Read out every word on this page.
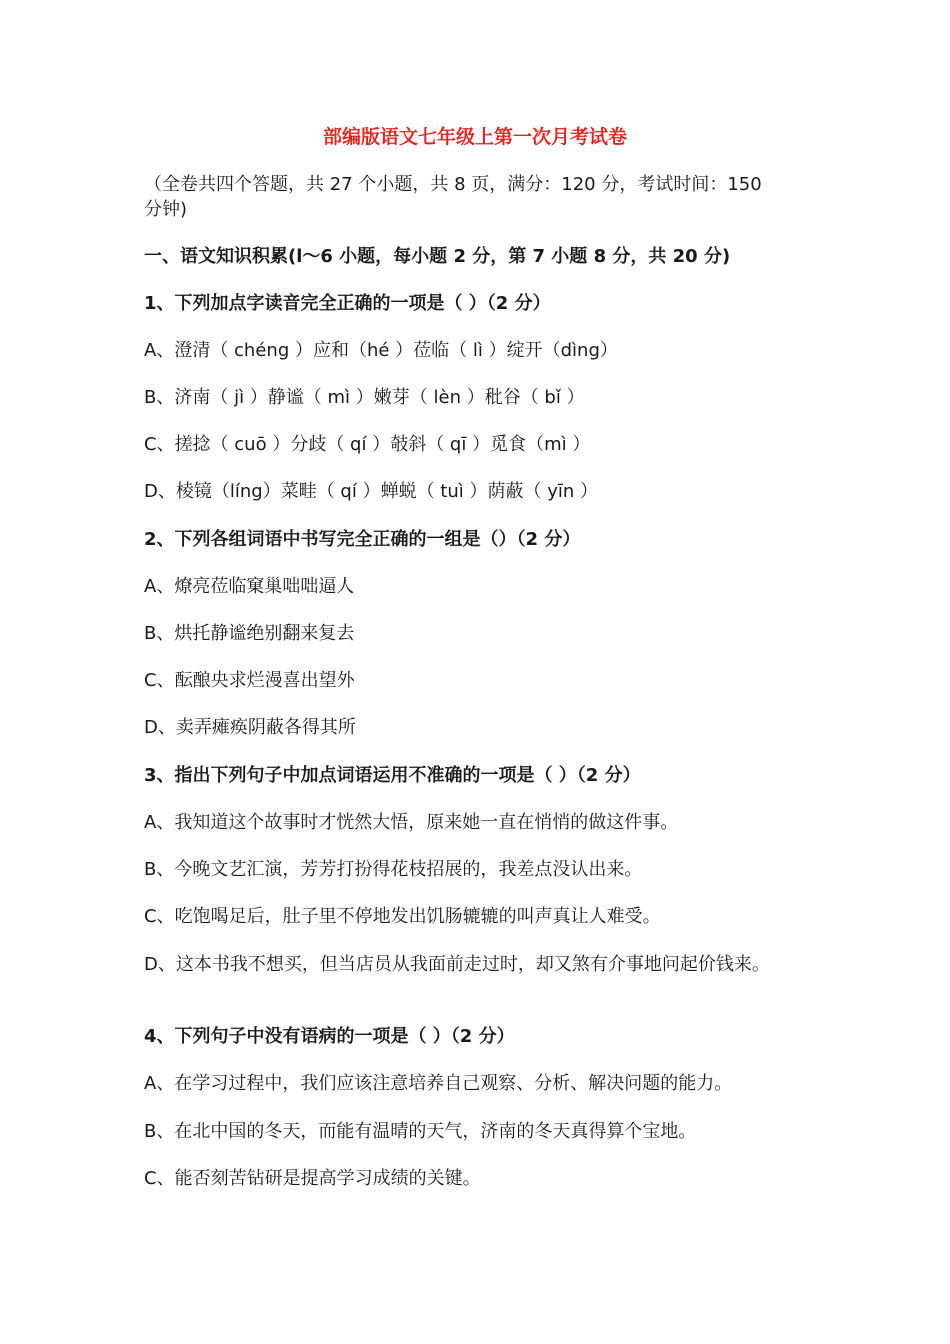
部编版语文七年级上第一次月考试卷
（全卷共四个答题，共 27 个小题，共 8 页，满分：120 分，考试时间：150
分钟)
一、语文知识积累(l～6 小题，每小题 2 分，第 7 小题 8 分，共 20 分)
1、下列加点字读音完全正确的一项是（ ）（2 分）
A、澄清（ chéng ）应和（hé ）莅临（ lì ）绽开（dìng）
B、济南（ jì ）静谧（ mì ）嫩芽（ lèn ）秕谷（ bǐ ）
C、搓捻（ cuō ）分歧（ qí ）攲斜（ qī ）觅食（mì ）
D、棱镜（líng）菜畦（ qí ）蝉蜕（ tuì ）荫蔽（ yīn ）
2、下列各组词语中书写完全正确的一组是（）（2 分）
A、燎亮莅临窠巢咄咄逼人
B、烘托静谧绝别翻来复去
C、酝酿央求烂漫喜出望外
D、卖弄瘫痪阴蔽各得其所
3、指出下列句子中加点词语运用不准确的一项是（ ）（2 分）
A、我知道这个故事时才恍然大悟，原来她一直在悄悄的做这件事。
B、今晚文艺汇演，芳芳打扮得花枝招展的，我差点没认出来。
C、吃饱喝足后，肚子里不停地发出饥肠辘辘的叫声真让人难受。
D、这本书我不想买，但当店员从我面前走过时，却又煞有介事地问起价钱来。
4、下列句子中没有语病的一项是（ ）（2 分）
A、在学习过程中，我们应该注意培养自己观察、分析、解决问题的能力。
B、在北中国的冬天，而能有温晴的天气，济南的冬天真得算个宝地。
C、能否刻苦钻研是提高学习成绩的关键。
